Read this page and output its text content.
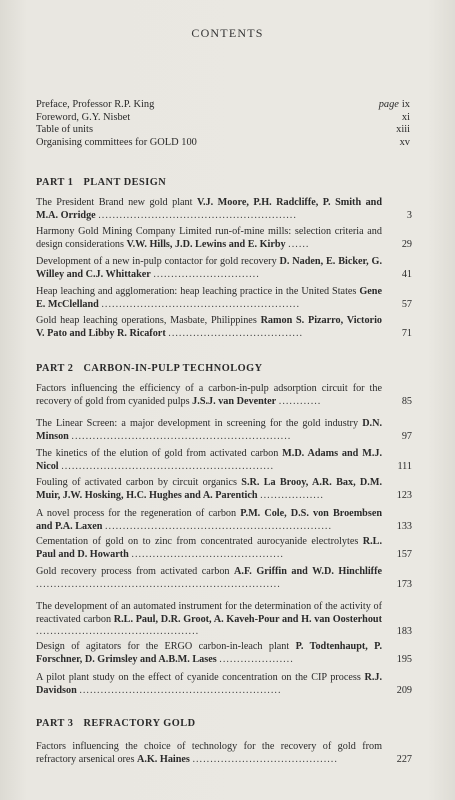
CONTENTS
Preface, Professor R.P. King	page ix
Foreword, G.Y. Nisbet	xi
Table of units	xiii
Organising committees for GOLD 100	xv
PART 1 PLANT DESIGN
The President Brand new gold plant V.J. Moore, P.H. Radcliffe, P. Smith and M.A. Orridge ........................................................	3
Harmony Gold Mining Company Limited run-of-mine mills: selection criteria and design considerations V.W. Hills, J.D. Lewins and E. Kirby ......	29
Development of a new in-pulp contactor for gold recovery D. Naden, E. Bicker, G. Willey and C.J. Whittaker ..............................	41
Heap leaching and agglomeration: heap leaching practice in the United States Gene E. McClelland ........................................................	57
Gold heap leaching operations, Masbate, Philippines Ramon S. Pizarro, Victorio V. Pato and Libby R. Ricafort ......................................	71
PART 2 CARBON-IN-PULP TECHNOLOGY
Factors influencing the efficiency of a carbon-in-pulp adsorption circuit for the recovery of gold from cyanided pulps J.S.J. van Deventer ............	85
The Linear Screen: a major development in screening for the gold industry D.N. Minson ..............................................................	97
The kinetics of the elution of gold from activated carbon M.D. Adams and M.J. Nicol ............................................................	111
Fouling of activated carbon by circuit organics S.R. La Brooy, A.R. Bax, D.M. Muir, J.W. Hosking, H.C. Hughes and A. Parentich ..................	123
A novel process for the regeneration of carbon P.M. Cole, D.S. von Broembsen and P.A. Laxen ................................................................	133
Cementation of gold on to zinc from concentrated aurocyanide electrolytes R.L. Paul and D. Howarth ...........................................	157
Gold recovery process from activated carbon A.F. Griffin and W.D. Hinchliffe .....................................................................	173
The development of an automated instrument for the determination of the activity of reactivated carbon R.L. Paul, D.R. Groot, A. Kaveh-Pour and H. van Oosterhout ..............................................	183
Design of agitators for the ERGO carbon-in-leach plant P. Todtenhaupt, P. Forschner, D. Grimsley and A.B.M. Lases .....................	195
A pilot plant study on the effect of cyanide concentration on the CIP process R.J. Davidson .........................................................	209
PART 3 REFRACTORY GOLD
Factors influencing the choice of technology for the recovery of gold from refractory arsenical ores A.K. Haines .........................................	227
